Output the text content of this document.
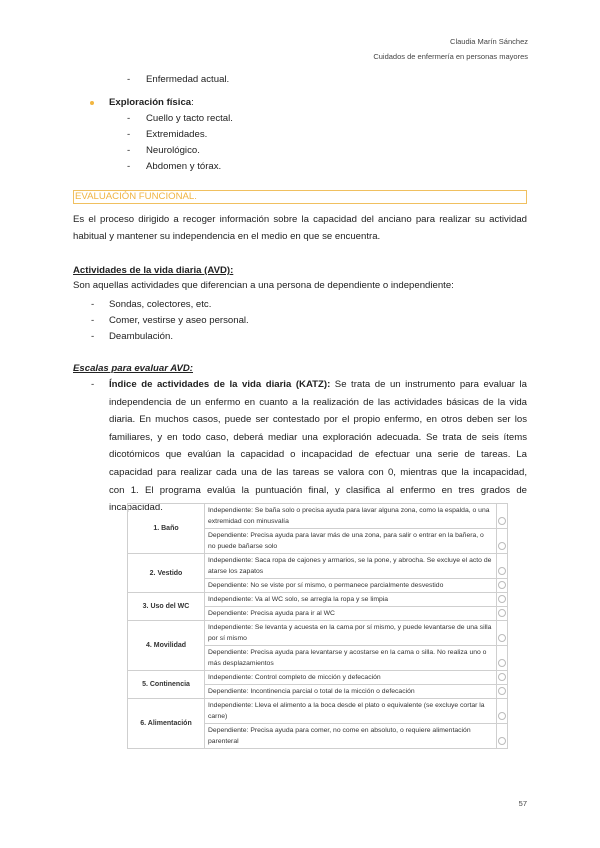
Claudia Marín Sánchez
Cuidados de enfermería en personas mayores
- Enfermedad actual.
Exploración física:
- Cuello y tacto rectal.
- Extremidades.
- Neurológico.
- Abdomen y tórax.
EVALUACIÓN FUNCIONAL.
Es el proceso dirigido a recoger información sobre la capacidad del anciano para realizar su actividad
habitual y mantener su independencia en el medio en que se encuentra.
Actividades de la vida diaria (AVD):
Son aquellas actividades que diferencian a una persona de dependiente o independiente:
- Sondas, colectores, etc.
- Comer, vestirse y aseo personal.
- Deambulación.
Escalas para evaluar AVD:
- Índice de actividades de la vida diaria (KATZ): Se trata de un instrumento para evaluar la
independencia de un enfermo en cuanto a la realización de las actividades básicas de la vida
diaria. En muchos casos, puede ser contestado por el propio enfermo, en otros deben ser los
familiares, y en todo caso, deberá mediar una exploración adecuada. Se trata de seis ítems
dicotómicos que evalúan la capacidad o incapacidad de efectuar una serie de tareas. La
capacidad para realizar cada una de las tareas se valora con 0, mientras que la incapacidad,
con 1. El programa evalúa la puntuación final, y clasifica al enfermo en tres grados de
incapacidad.
1. Baño	Independiente: Se baña solo o precisa ayuda para lavar alguna zona, como la espalda, o una extremidad con minusvalía	
	Dependiente: Precisa ayuda para lavar más de una zona, para salir o entrar en la bañera, o no puede bañarse solo	
2. Vestido	Independiente: Saca ropa de cajones y armarios, se la pone, y abrocha. Se excluye el acto de atarse los zapatos	
	Dependiente: No se viste por sí mismo, o permanece parcialmente desvestido	
3. Uso del WC	Independiente: Va al WC solo, se arregla la ropa y se limpia	
	Dependiente: Precisa ayuda para ir al WC	
4. Movilidad	Independiente: Se levanta y acuesta en la cama por sí mismo, y puede levantarse de una silla por sí mismo	
	Dependiente: Precisa ayuda para levantarse y acostarse en la cama o silla. No realiza uno o más desplazamientos	
5. Continencia	Independiente: Control completo de micción y defecación	
	Dependiente: Incontinencia parcial o total de la micción o defecación	
6. Alimentación	Independiente: Lleva el alimento a la boca desde el plato o equivalente (se excluye cortar la carne)	
	Dependiente: Precisa ayuda para comer, no come en absoluto, o requiere alimentación parenteral	
57
